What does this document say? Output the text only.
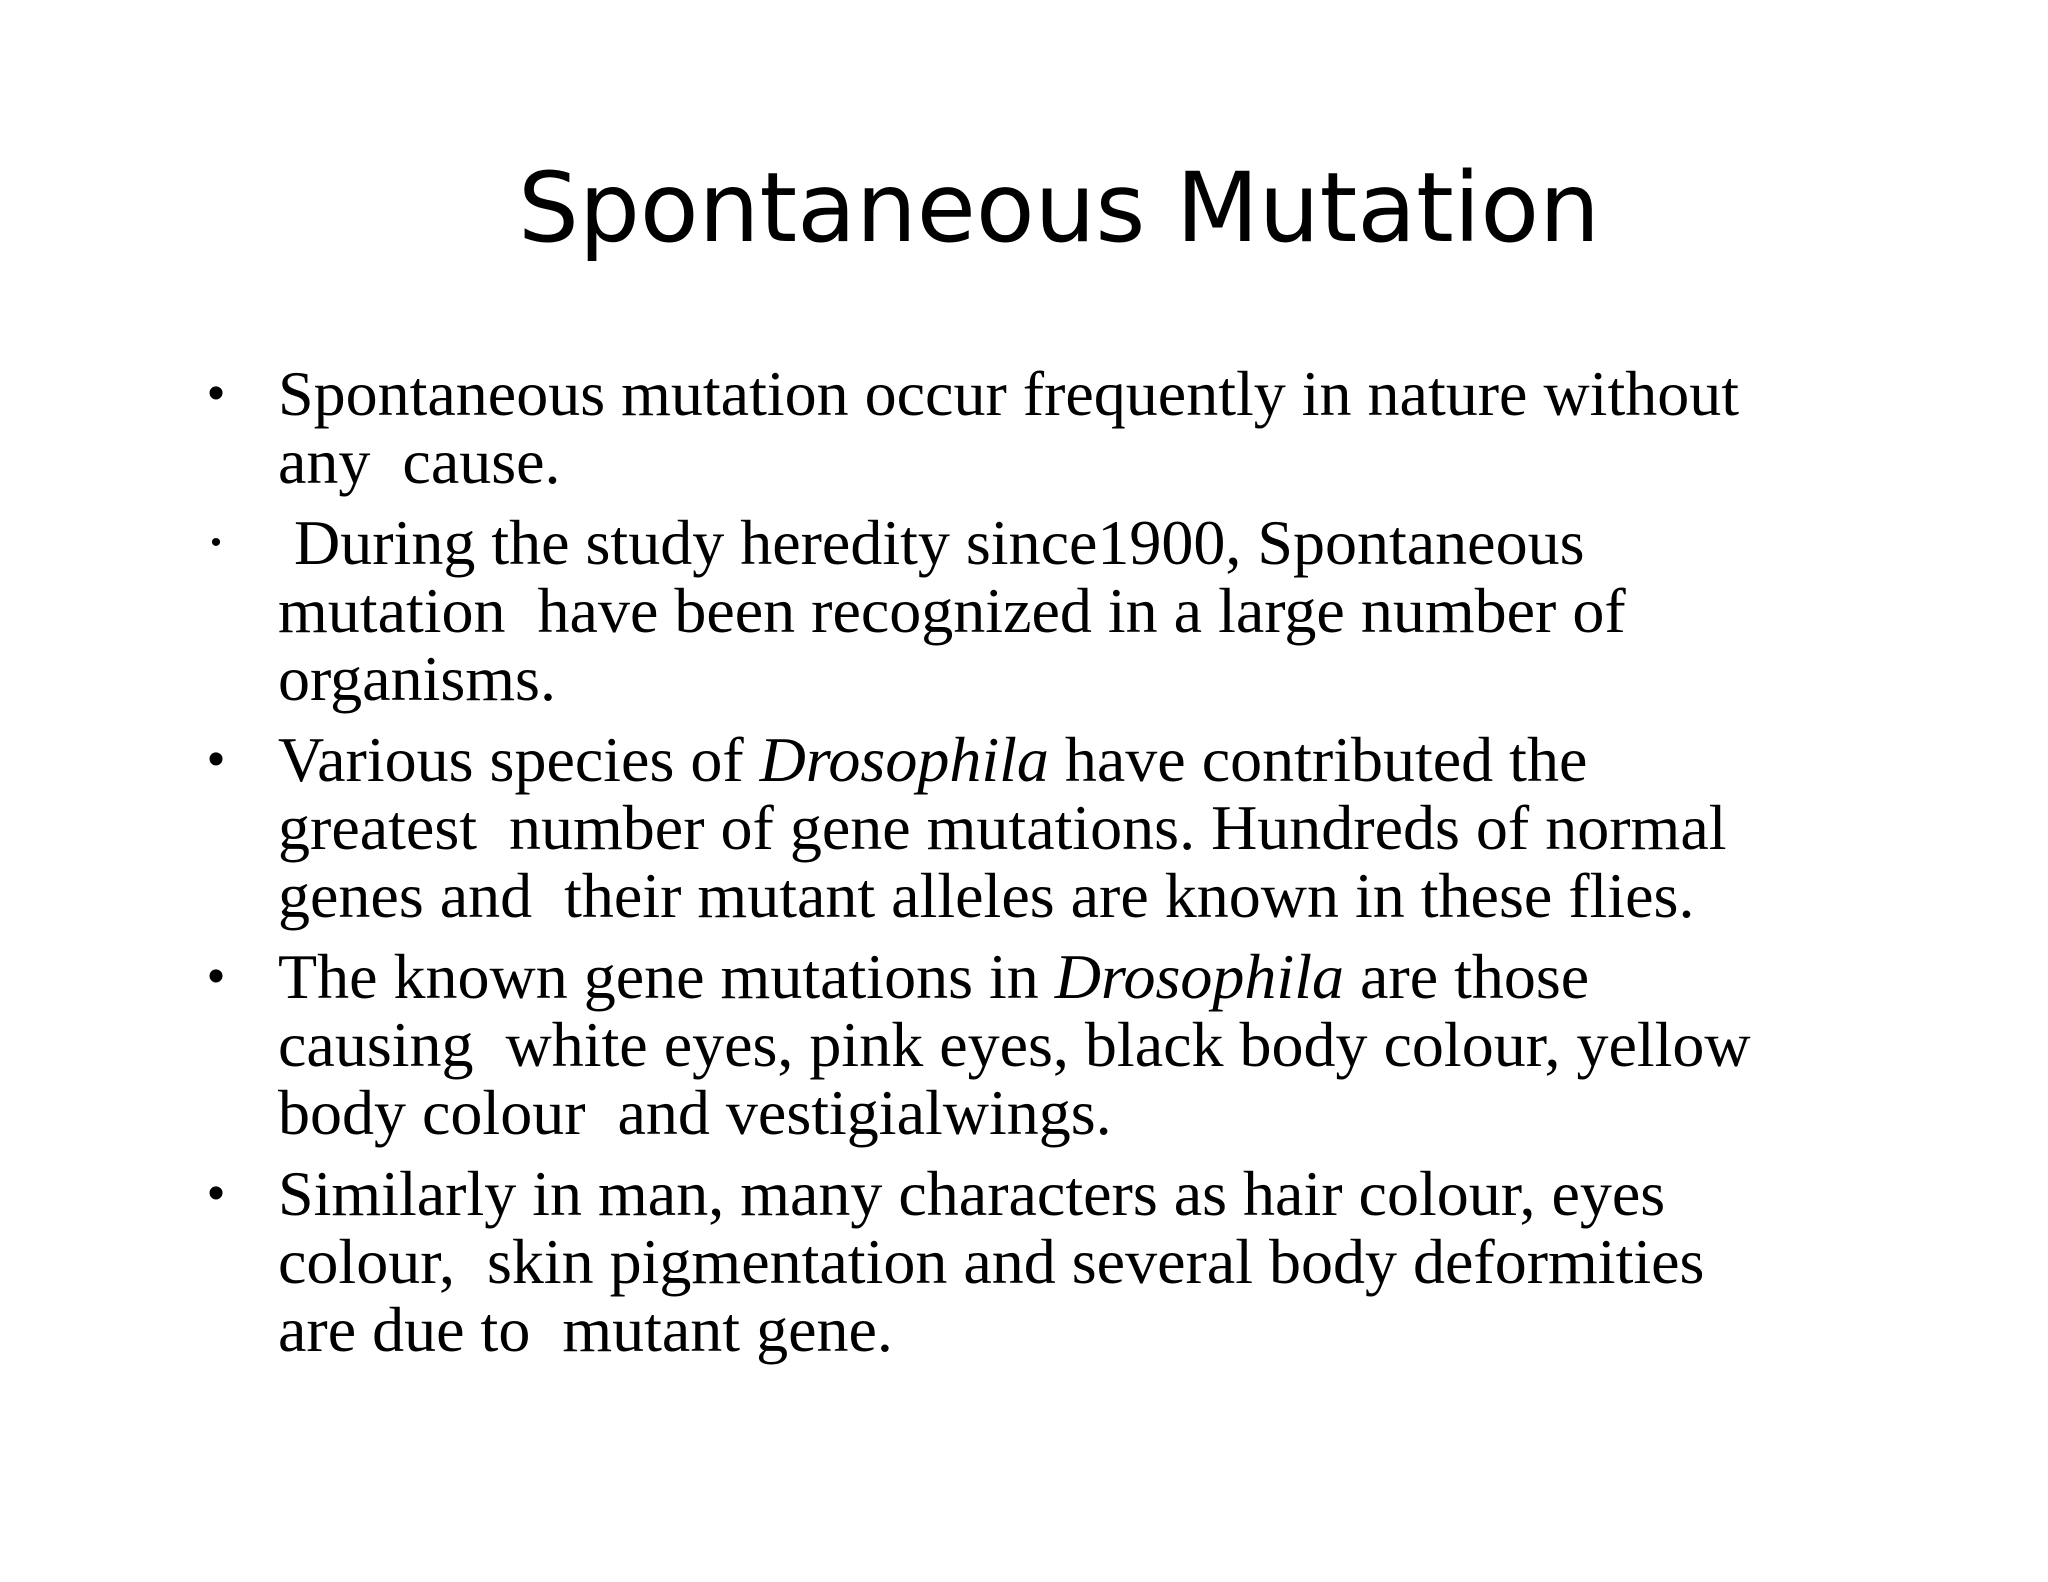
Spontaneous Mutation
• Spontaneous mutation occur frequently in nature without
any  cause.
• During the study heredity since1900, Spontaneous
mutation  have been recognized in a large number of
organisms.
• Various species of Drosophila have contributed the
greatest  number of gene mutations. Hundreds of normal
genes and  their mutant alleles are known in these flies.
• The known gene mutations in Drosophila are those
causing  white eyes, pink eyes, black body colour, yellow
body colour  and vestigialwings.
• Similarly in man, many characters as hair colour, eyes
colour,  skin pigmentation and several body deformities
are due to  mutant gene.
